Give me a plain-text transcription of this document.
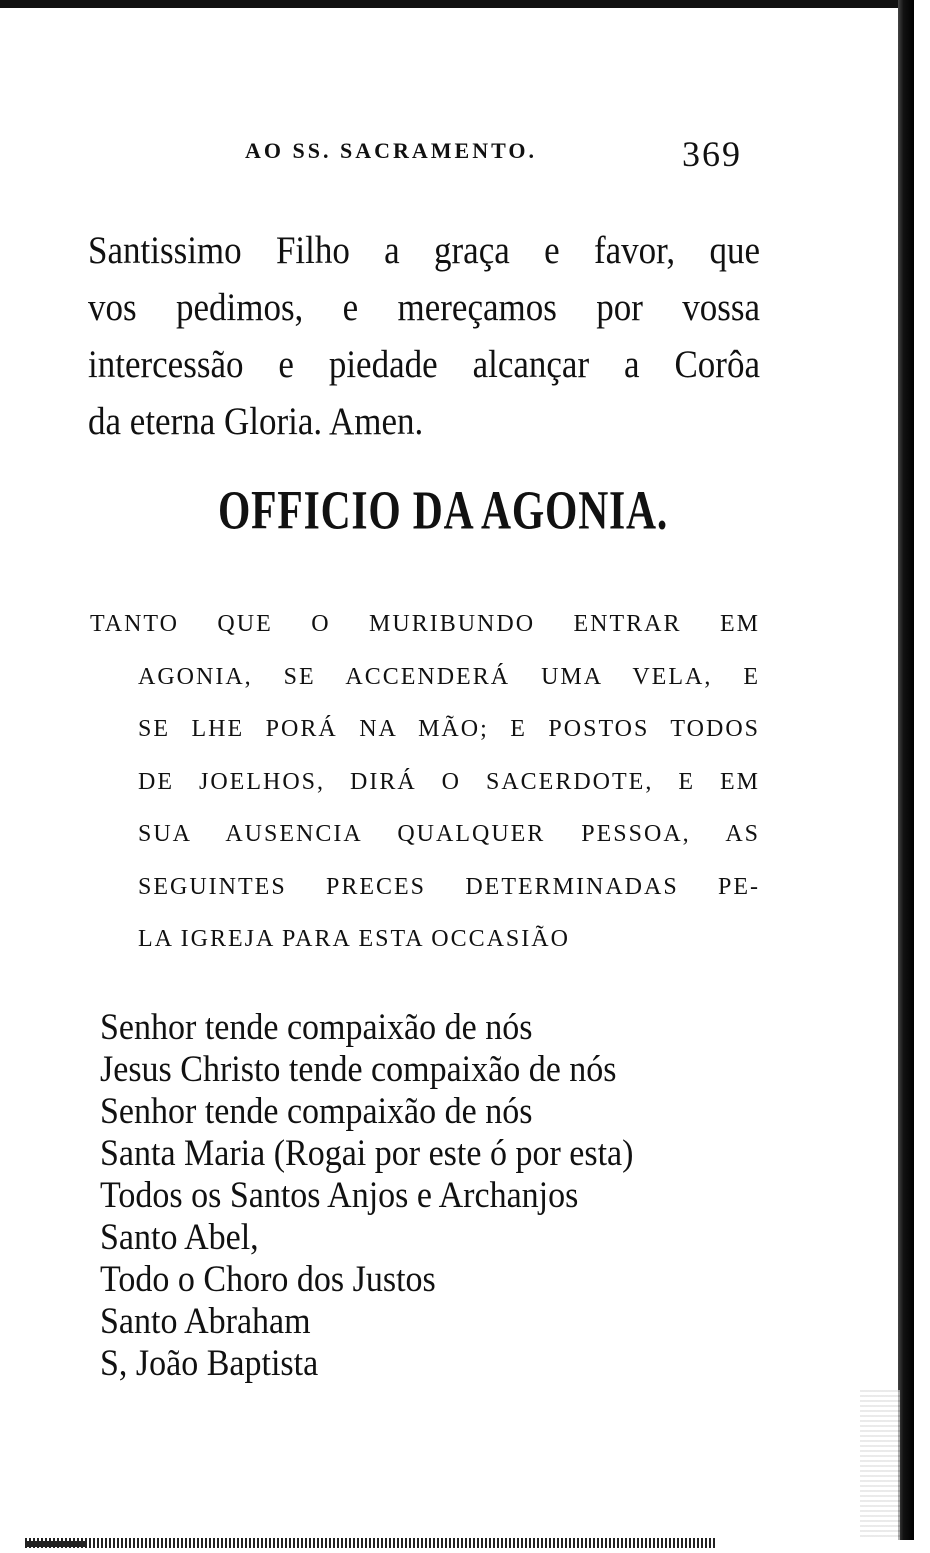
AO SS. SACRAMENTO.	369
Santissimo Filho a graça e favor, que
vos pedimos, e mereçamos por vossa
intercessão e piedade alcançar a Corôa
da eterna Gloria. Amen.
OFFICIO DA AGONIA.
TANTO QUE O MURIBUNDO ENTRAR EM
AGONIA, SE ACCENDERÁ UMA VELA, E
SE LHE PORÁ NA MÃO; E POSTOS TODOS
DE JOELHOS, DIRÁ O SACERDOTE, E EM
SUA AUSENCIA QUALQUER PESSOA, AS
SEGUINTES PRECES DETERMINADAS PE-
LA IGREJA PARA ESTA OCCASIÃO
Senhor tende compaixão de nós
Jesus Christo tende compaixão de nós
Senhor tende compaixão de nós
Santa Maria (Rogai por este ó por esta)
Todos os Santos Anjos e Archanjos
Santo Abel,
Todo o Choro dos Justos
Santo Abraham
S, João Baptista
